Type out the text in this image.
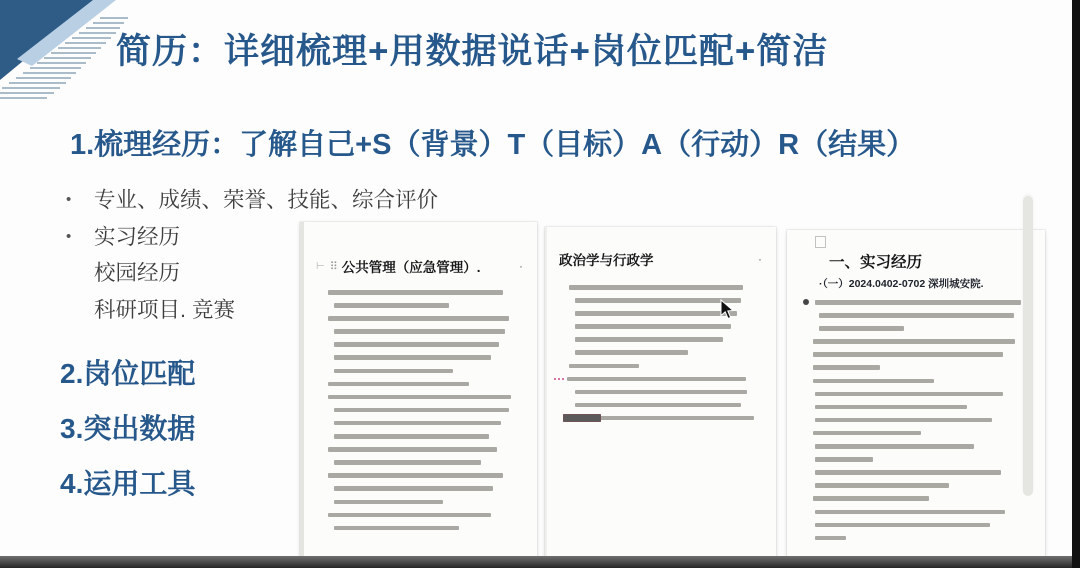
简历：详细梳理+用数据说话+岗位匹配+简洁
1.梳理经历：了解自己+S（背景）T（目标）A（行动）R（结果）
•	专业、成绩、荣誉、技能、综合评价
•	实习经历
校园经历
科研项目. 竞赛
2.岗位匹配
3.突出数据
4.运用工具
⊢ ⠿ 公共管理（应急管理）.	·	政治学与行政学	·	一、实习经历
·（一）2024.0402-0702 深圳城安院.
